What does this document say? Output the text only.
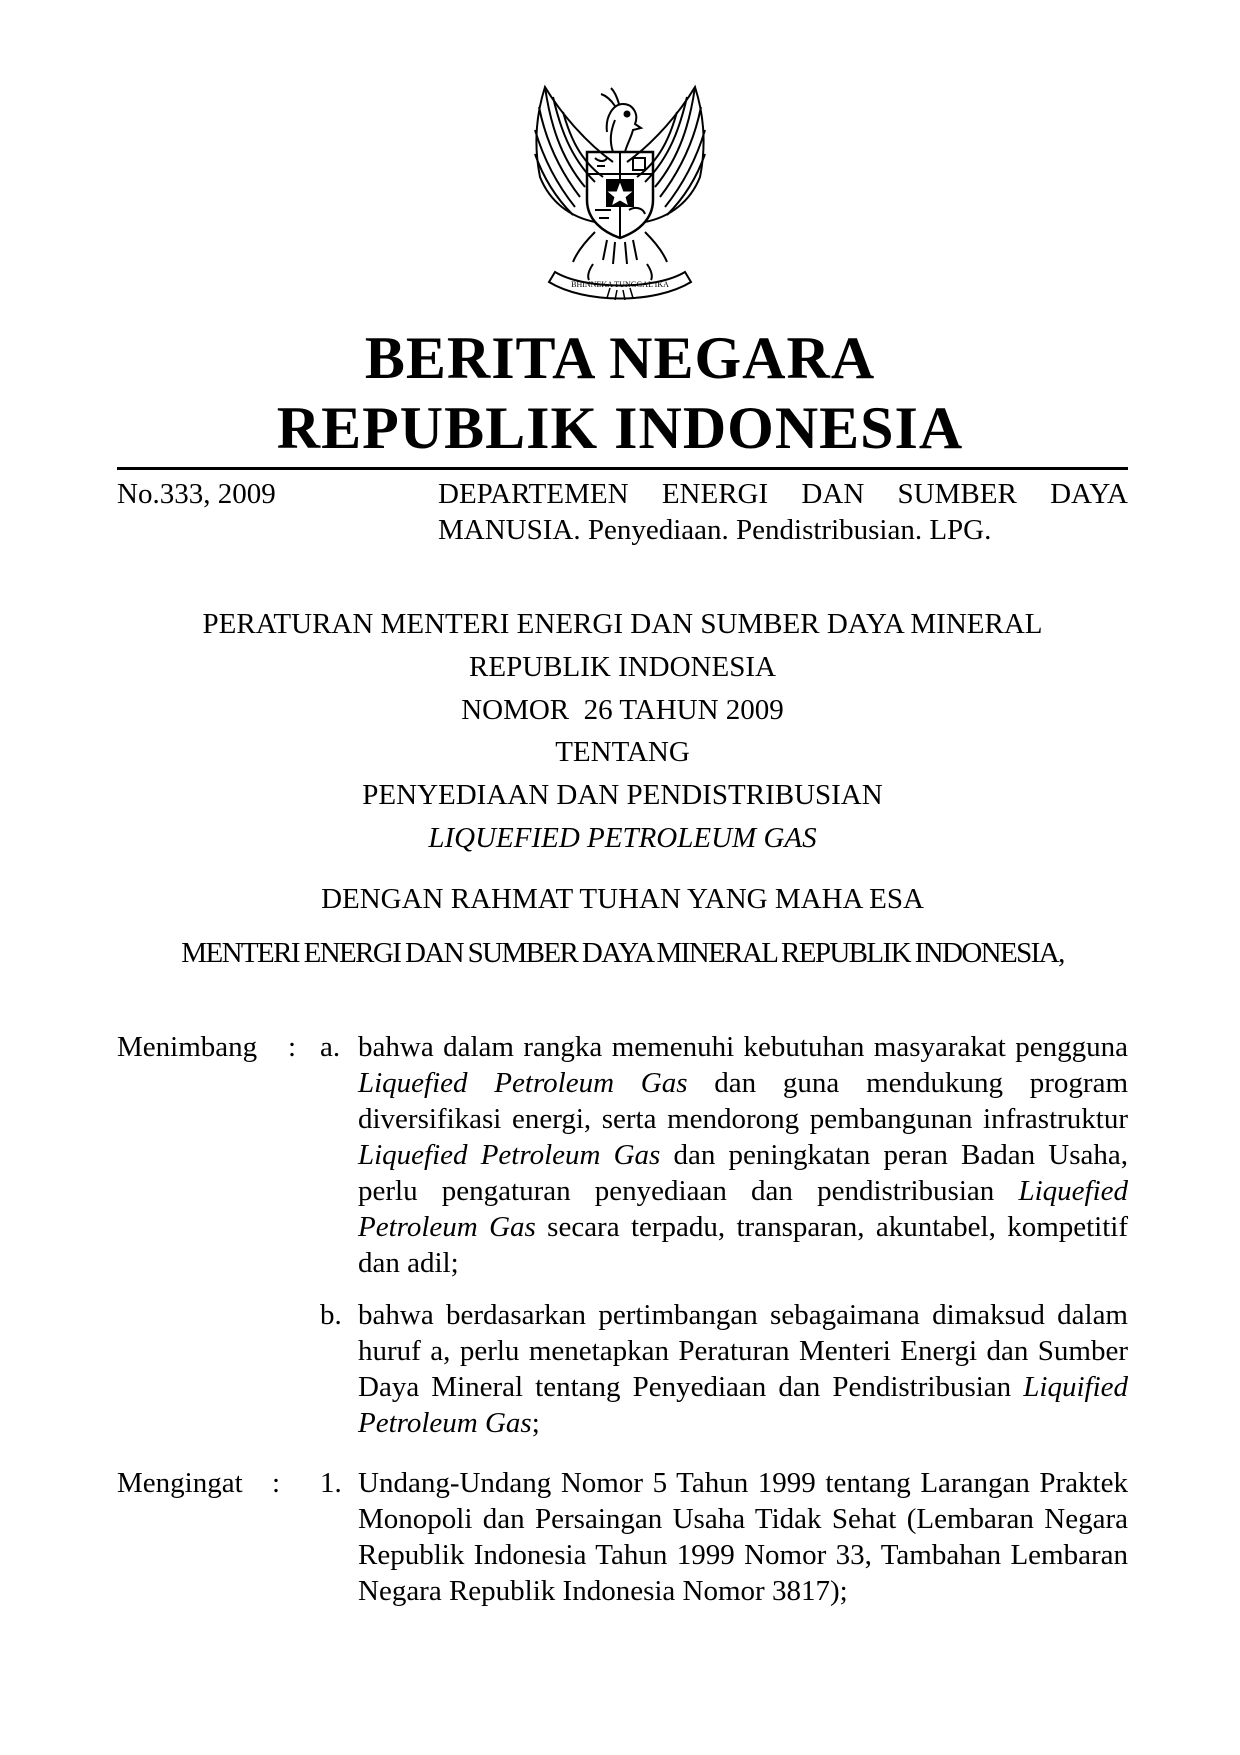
BHINNEKA TUNGGAL IKA
BERITA NEGARA
REPUBLIK INDONESIA
No.333, 2009	DEPARTEMEN ENERGI DAN SUMBER DAYA
MANUSIA. Penyediaan. Pendistribusian. LPG.
PERATURAN MENTERI ENERGI DAN SUMBER DAYA MINERAL
REPUBLIK INDONESIA
NOMOR  26 TAHUN 2009
TENTANG
PENYEDIAAN DAN PENDISTRIBUSIAN
LIQUEFIED PETROLEUM GAS
DENGAN RAHMAT TUHAN YANG MAHA ESA
MENTERI ENERGI DAN SUMBER DAYA MINERAL REPUBLIK INDONESIA,
Menimbang : a. bahwa dalam rangka memenuhi kebutuhan masyarakat pengguna Liquefied Petroleum Gas dan guna mendukung program diversifikasi energi, serta mendorong pembangunan infrastruktur Liquefied Petroleum Gas dan peningkatan peran Badan Usaha, perlu pengaturan penyediaan dan pendistribusian Liquefied Petroleum Gas secara terpadu, transparan, akuntabel, kompetitif dan adil;
b. bahwa berdasarkan pertimbangan sebagaimana dimaksud dalam huruf a, perlu menetapkan Peraturan Menteri Energi dan Sumber Daya Mineral tentang Penyediaan dan Pendistribusian Liquified Petroleum Gas;
Mengingat : 1. Undang-Undang Nomor 5 Tahun 1999 tentang Larangan Praktek Monopoli dan Persaingan Usaha Tidak Sehat (Lembaran Negara Republik Indonesia Tahun 1999 Nomor 33, Tambahan Lembaran Negara Republik Indonesia Nomor 3817);
